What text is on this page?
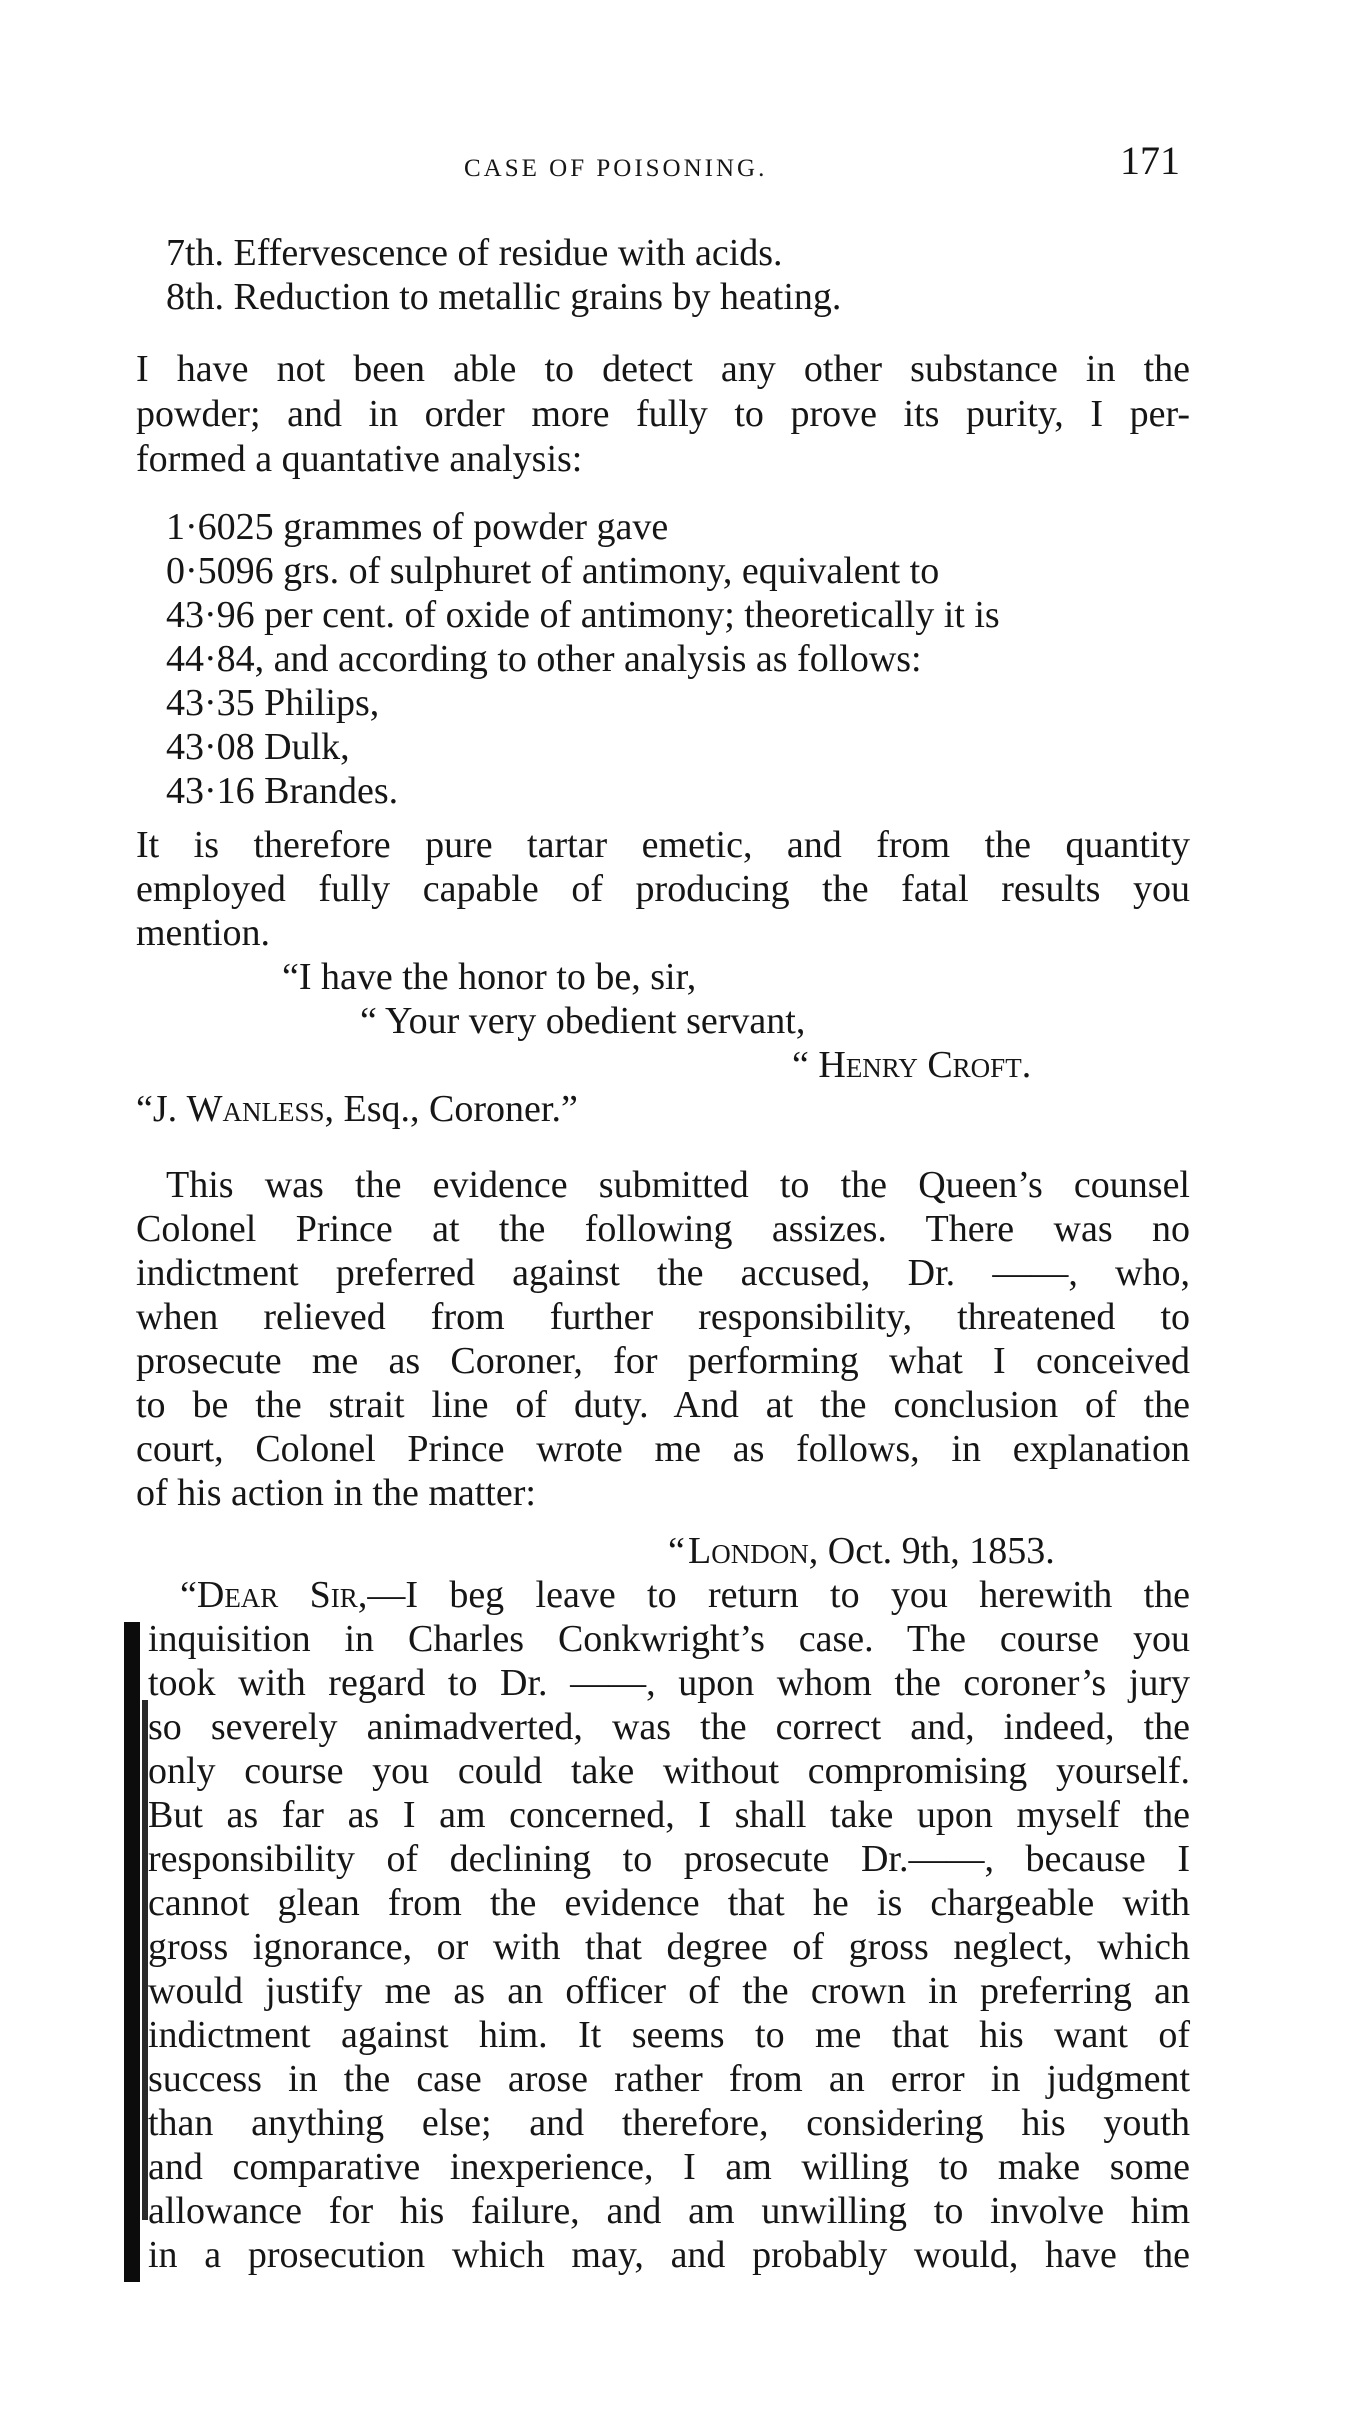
CASE OF POISONING.	171
7th. Effervescence of residue with acids.
8th. Reduction to metallic grains by heating.
I have not been able to detect any other substance in the
powder; and in order more fully to prove its purity, I per-
formed a quantative analysis:
1·6025 grammes of powder gave
0·5096 grs. of sulphuret of antimony, equivalent to
43·96 per cent. of oxide of antimony; theoretically it is
44·84, and according to other analysis as follows:
43·35 Philips,
43·08 Dulk,
43·16 Brandes.
It is therefore pure tartar emetic, and from the quantity
employed fully capable of producing the fatal results you
mention.
“I have the honor to be, sir,
“ Your very obedient servant,
“ Henry Croft.
“J. Wanless, Esq., Coroner.”
This was the evidence submitted to the Queen’s counsel
Colonel Prince at the following assizes. There was no
indictment preferred against the accused, Dr. ——, who,
when relieved from further responsibility, threatened to
prosecute me as Coroner, for performing what I conceived
to be the strait line of duty. And at the conclusion of the
court, Colonel Prince wrote me as follows, in explanation
of his action in the matter:
“ London, Oct. 9th, 1853.
“Dear Sir,—I beg leave to return to you herewith the
inquisition in Charles Conkwright’s case. The course you
took with regard to Dr. ——, upon whom the coroner’s jury
so severely animadverted, was the correct and, indeed, the
only course you could take without compromising yourself.
But as far as I am concerned, I shall take upon myself the
responsibility of declining to prosecute Dr.——, because I
cannot glean from the evidence that he is chargeable with
gross ignorance, or with that degree of gross neglect, which
would justify me as an officer of the crown in preferring an
indictment against him. It seems to me that his want of
success in the case arose rather from an error in judgment
than anything else; and therefore, considering his youth
and comparative inexperience, I am willing to make some
allowance for his failure, and am unwilling to involve him
in a prosecution which may, and probably would, have the
